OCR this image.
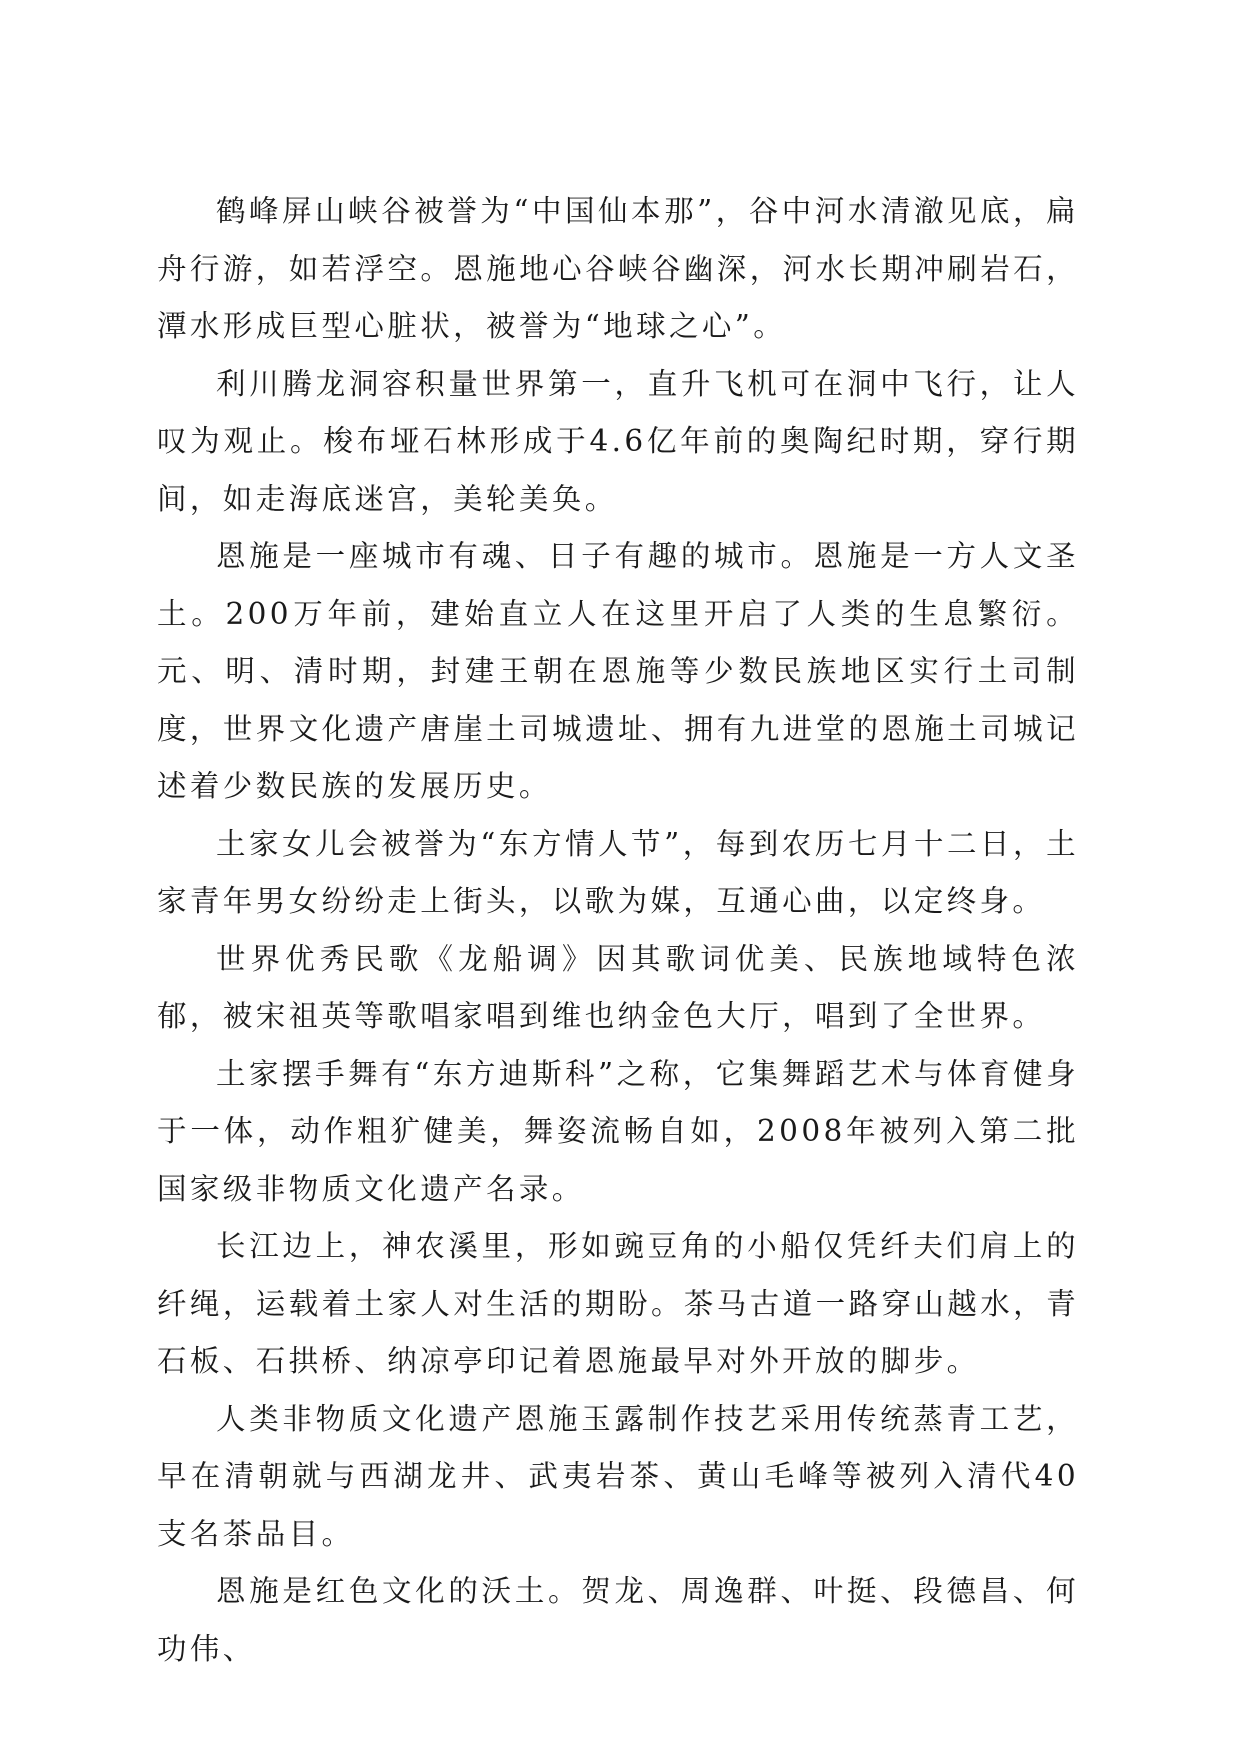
鹤峰屏山峡谷被誉为“中国仙本那”，谷中河水清澈见底，扁舟行游，如若浮空。恩施地心谷峡谷幽深，河水长期冲刷岩石，潭水形成巨型心脏状，被誉为“地球之心”。

利川腾龙洞容积量世界第一，直升飞机可在洞中飞行，让人叹为观止。梭布垭石林形成于4.6亿年前的奥陶纪时期，穿行期间，如走海底迷宫，美轮美奂。

恩施是一座城市有魂、日子有趣的城市。恩施是一方人文圣土。200万年前，建始直立人在这里开启了人类的生息繁衍。元、明、清时期，封建王朝在恩施等少数民族地区实行土司制度，世界文化遗产唐崖土司城遗址、拥有九进堂的恩施土司城记述着少数民族的发展历史。

土家女儿会被誉为“东方情人节”，每到农历七月十二日，土家青年男女纷纷走上街头，以歌为媒，互通心曲，以定终身。

世界优秀民歌《龙船调》因其歌词优美、民族地域特色浓郁，被宋祖英等歌唱家唱到维也纳金色大厅，唱到了全世界。

土家摆手舞有“东方迪斯科”之称，它集舞蹈艺术与体育健身于一体，动作粗犷健美，舞姿流畅自如，2008年被列入第二批国家级非物质文化遗产名录。

长江边上，神农溪里，形如豌豆角的小船仅凭纤夫们肩上的纤绳，运载着土家人对生活的期盼。茶马古道一路穿山越水，青石板、石拱桥、纳凉亭印记着恩施最早对外开放的脚步。

人类非物质文化遗产恩施玉露制作技艺采用传统蒸青工艺，早在清朝就与西湖龙井、武夷岩茶、黄山毛峰等被列入清代40支名茶品目。

恩施是红色文化的沃土。贺龙、周逸群、叶挺、段德昌、何功伟、
